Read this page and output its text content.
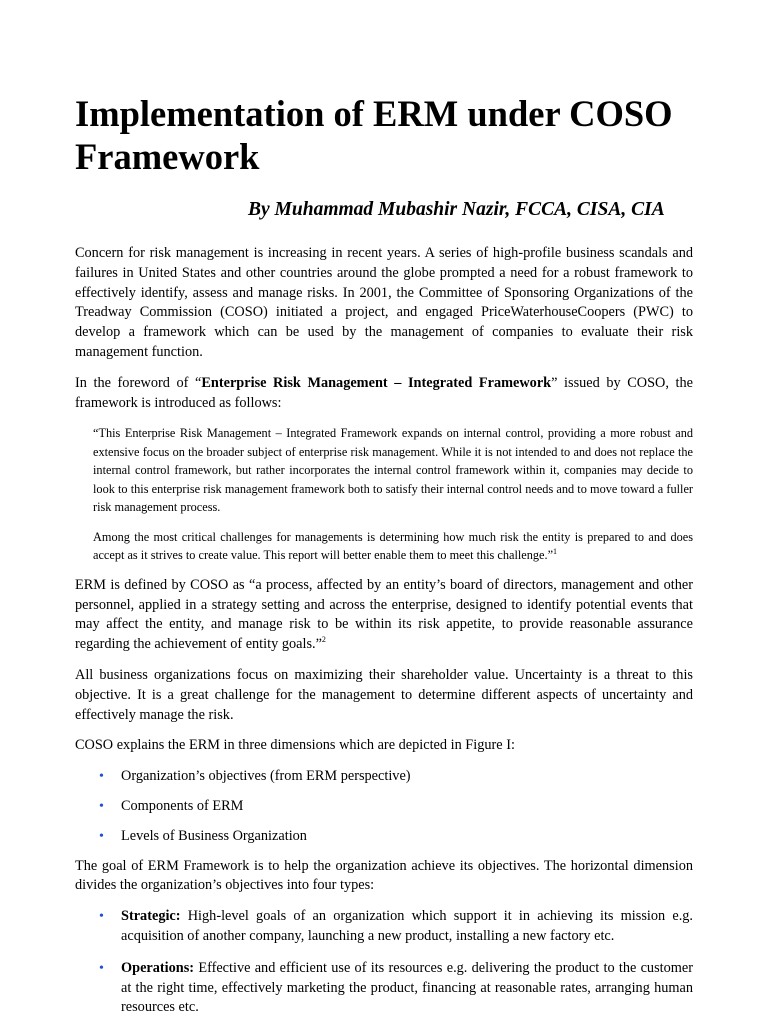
Implementation of ERM under COSO Framework

By Muhammad Mubashir Nazir, FCCA, CISA, CIA

Concern for risk management is increasing in recent years. A series of high-profile business scandals and failures in United States and other countries around the globe prompted a need for a robust framework to effectively identify, assess and manage risks. In 2001, the Committee of Sponsoring Organizations of the Treadway Commission (COSO) initiated a project, and engaged PriceWaterhouseCoopers (PWC) to develop a framework which can be used by the management of companies to evaluate their risk management function.

In the foreword of “Enterprise Risk Management – Integrated Framework” issued by COSO, the framework is introduced as follows:

“This Enterprise Risk Management – Integrated Framework expands on internal control, providing a more robust and extensive focus on the broader subject of enterprise risk management. While it is not intended to and does not replace the internal control framework, but rather incorporates the internal control framework within it, companies may decide to look to this enterprise risk management framework both to satisfy their internal control needs and to move toward a fuller risk management process.

Among the most critical challenges for managements is determining how much risk the entity is prepared to and does accept as it strives to create value. This report will better enable them to meet this challenge.”$^1$

ERM is defined by COSO as “a process, affected by an entity’s board of directors, management and other personnel, applied in a strategy setting and across the enterprise, designed to identify potential events that may affect the entity, and manage risk to be within its risk appetite, to provide reasonable assurance regarding the achievement of entity goals.”$^2$

All business organizations focus on maximizing their shareholder value. Uncertainty is a threat to this objective. It is a great challenge for the management to determine different aspects of uncertainty and effectively manage the risk.

COSO explains the ERM in three dimensions which are depicted in Figure I:

• Organization’s objectives (from ERM perspective)
• Components of ERM
• Levels of Business Organization

The goal of ERM Framework is to help the organization achieve its objectives. The horizontal dimension divides the organization’s objectives into four types:

• Strategic: High-level goals of an organization which support it in achieving its mission e.g. acquisition of another company, launching a new product, installing a new factory etc.
• Operations: Effective and efficient use of its resources e.g. delivering the product to the customer at the right time, effectively marketing the product, financing at reasonable rates, arranging human resources etc.
